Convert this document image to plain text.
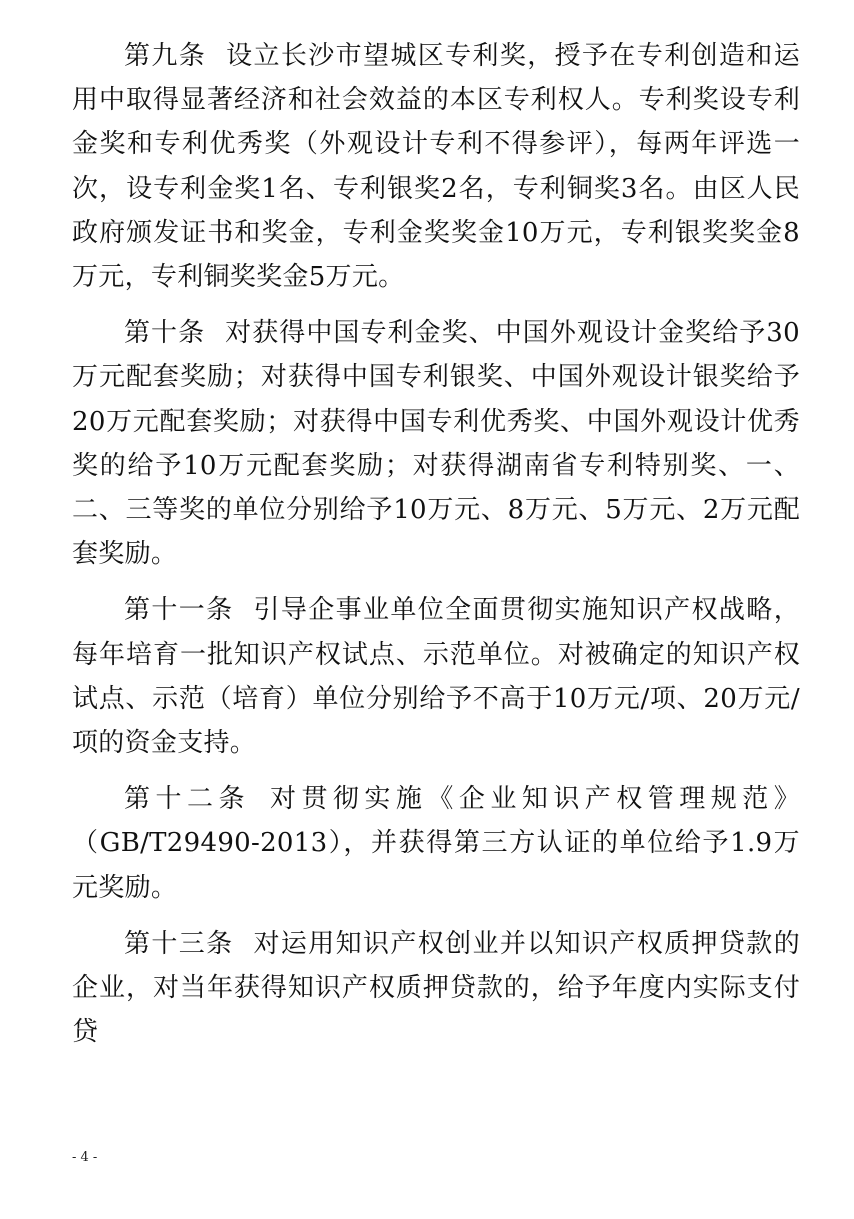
第九条 设立长沙市望城区专利奖，授予在专利创造和运用中取得显著经济和社会效益的本区专利权人。专利奖设专利金奖和专利优秀奖（外观设计专利不得参评），每两年评选一次，设专利金奖1名、专利银奖2名，专利铜奖3名。由区人民政府颁发证书和奖金，专利金奖奖金10万元，专利银奖奖金8万元，专利铜奖奖金5万元。

第十条 对获得中国专利金奖、中国外观设计金奖给予30万元配套奖励；对获得中国专利银奖、中国外观设计银奖给予20万元配套奖励；对获得中国专利优秀奖、中国外观设计优秀奖的给予10万元配套奖励；对获得湖南省专利特别奖、一、二、三等奖的单位分别给予10万元、8万元、5万元、2万元配套奖励。

第十一条 引导企事业单位全面贯彻实施知识产权战略，每年培育一批知识产权试点、示范单位。对被确定的知识产权试点、示范（培育）单位分别给予不高于10万元/项、20万元/项的资金支持。

第十二条 对贯彻实施《企业知识产权管理规范》（GB/T29490-2013），并获得第三方认证的单位给予1.9万元奖励。

第十三条 对运用知识产权创业并以知识产权质押贷款的企业，对当年获得知识产权质押贷款的，给予年度内实际支付贷

- 4 -
